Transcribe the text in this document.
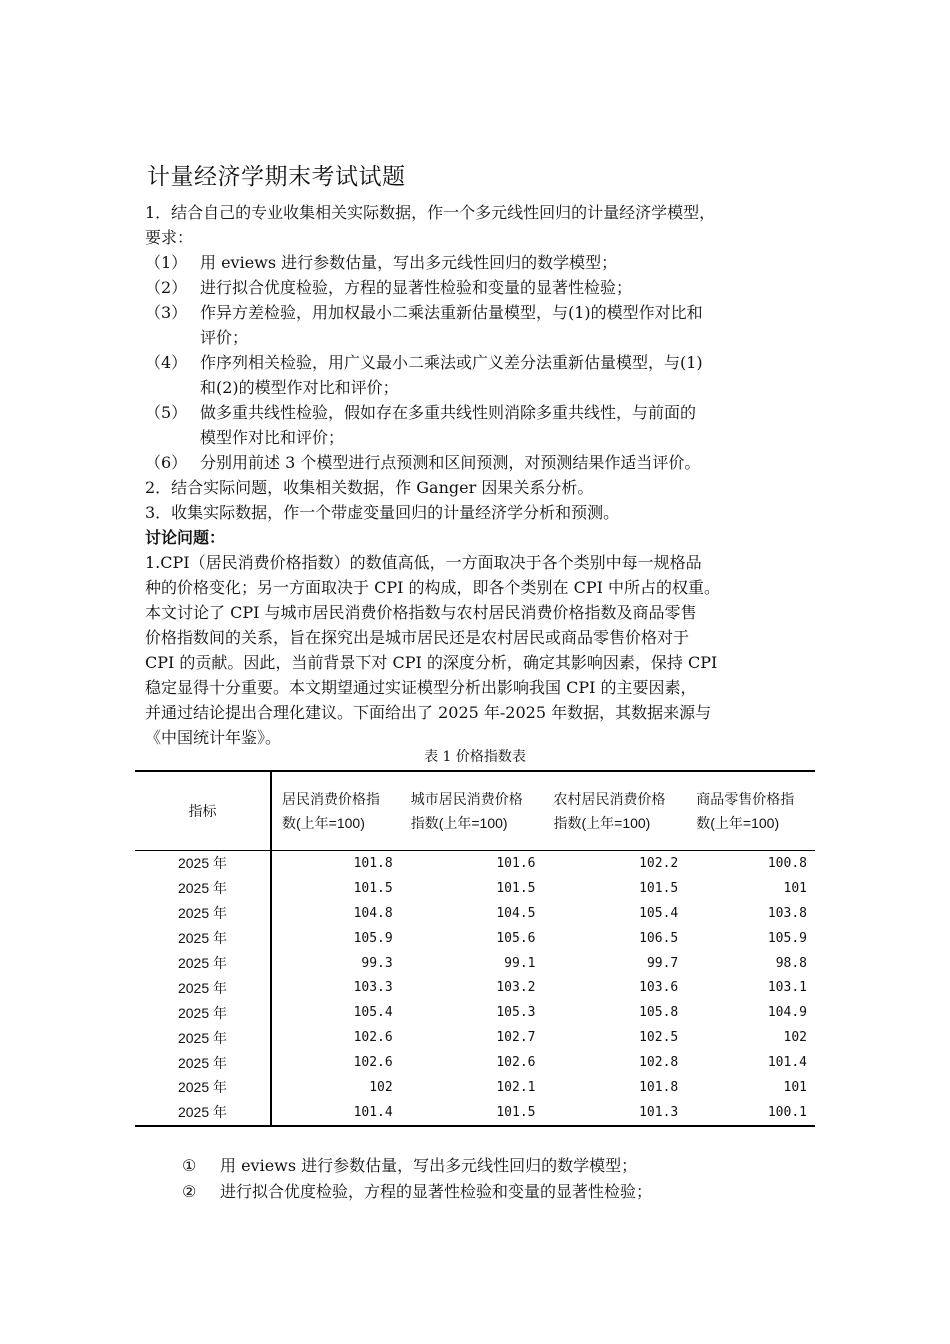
计量经济学期末考试试题
1．结合自己的专业收集相关实际数据，作一个多元线性回归的计量经济学模型，
要求：
（1） 用 eviews 进行参数估量，写出多元线性回归的数学模型；
（2） 进行拟合优度检验，方程的显著性检验和变量的显著性检验；
（3） 作异方差检验，用加权最小二乘法重新估量模型，与(1)的模型作对比和
评价；
（4） 作序列相关检验，用广义最小二乘法或广义差分法重新估量模型，与(1)
和(2)的模型作对比和评价；
（5） 做多重共线性检验，假如存在多重共线性则消除多重共线性，与前面的
模型作对比和评价；
（6） 分别用前述 3 个模型进行点预测和区间预测，对预测结果作适当评价。
2．结合实际问题，收集相关数据，作 Ganger 因果关系分析。
3．收集实际数据，作一个带虚变量回归的计量经济学分析和预测。
讨论问题：
1.CPI（居民消费价格指数）的数值高低，一方面取决于各个类别中每一规格品
种的价格变化；另一方面取决于 CPI 的构成，即各个类别在 CPI 中所占的权重。
本文讨论了 CPI 与城市居民消费价格指数与农村居民消费价格指数及商品零售
价格指数间的关系，旨在探究出是城市居民还是农村居民或商品零售价格对于
CPI 的贡献。因此，当前背景下对 CPI 的深度分析，确定其影响因素，保持 CPI
稳定显得十分重要。本文期望通过实证模型分析出影响我国 CPI 的主要因素，
并通过结论提出合理化建议。下面给出了 2025 年-2025 年数据，其数据来源与
《中国统计年鉴》。
表 1 价格指数表
指标	居民消费价格指数(上年=100)	城市居民消费价格指数(上年=100)	农村居民消费价格指数(上年=100)	商品零售价格指数(上年=100)
2025 年	101.8	101.6	102.2	100.8
2025 年	101.5	101.5	101.5	101
2025 年	104.8	104.5	105.4	103.8
2025 年	105.9	105.6	106.5	105.9
2025 年	99.3	99.1	99.7	98.8
2025 年	103.3	103.2	103.6	103.1
2025 年	105.4	105.3	105.8	104.9
2025 年	102.6	102.7	102.5	102
2025 年	102.6	102.6	102.8	101.4
2025 年	102	102.1	101.8	101
2025 年	101.4	101.5	101.3	100.1
①	用 eviews 进行参数估量，写出多元线性回归的数学模型；
②	进行拟合优度检验，方程的显著性检验和变量的显著性检验；
